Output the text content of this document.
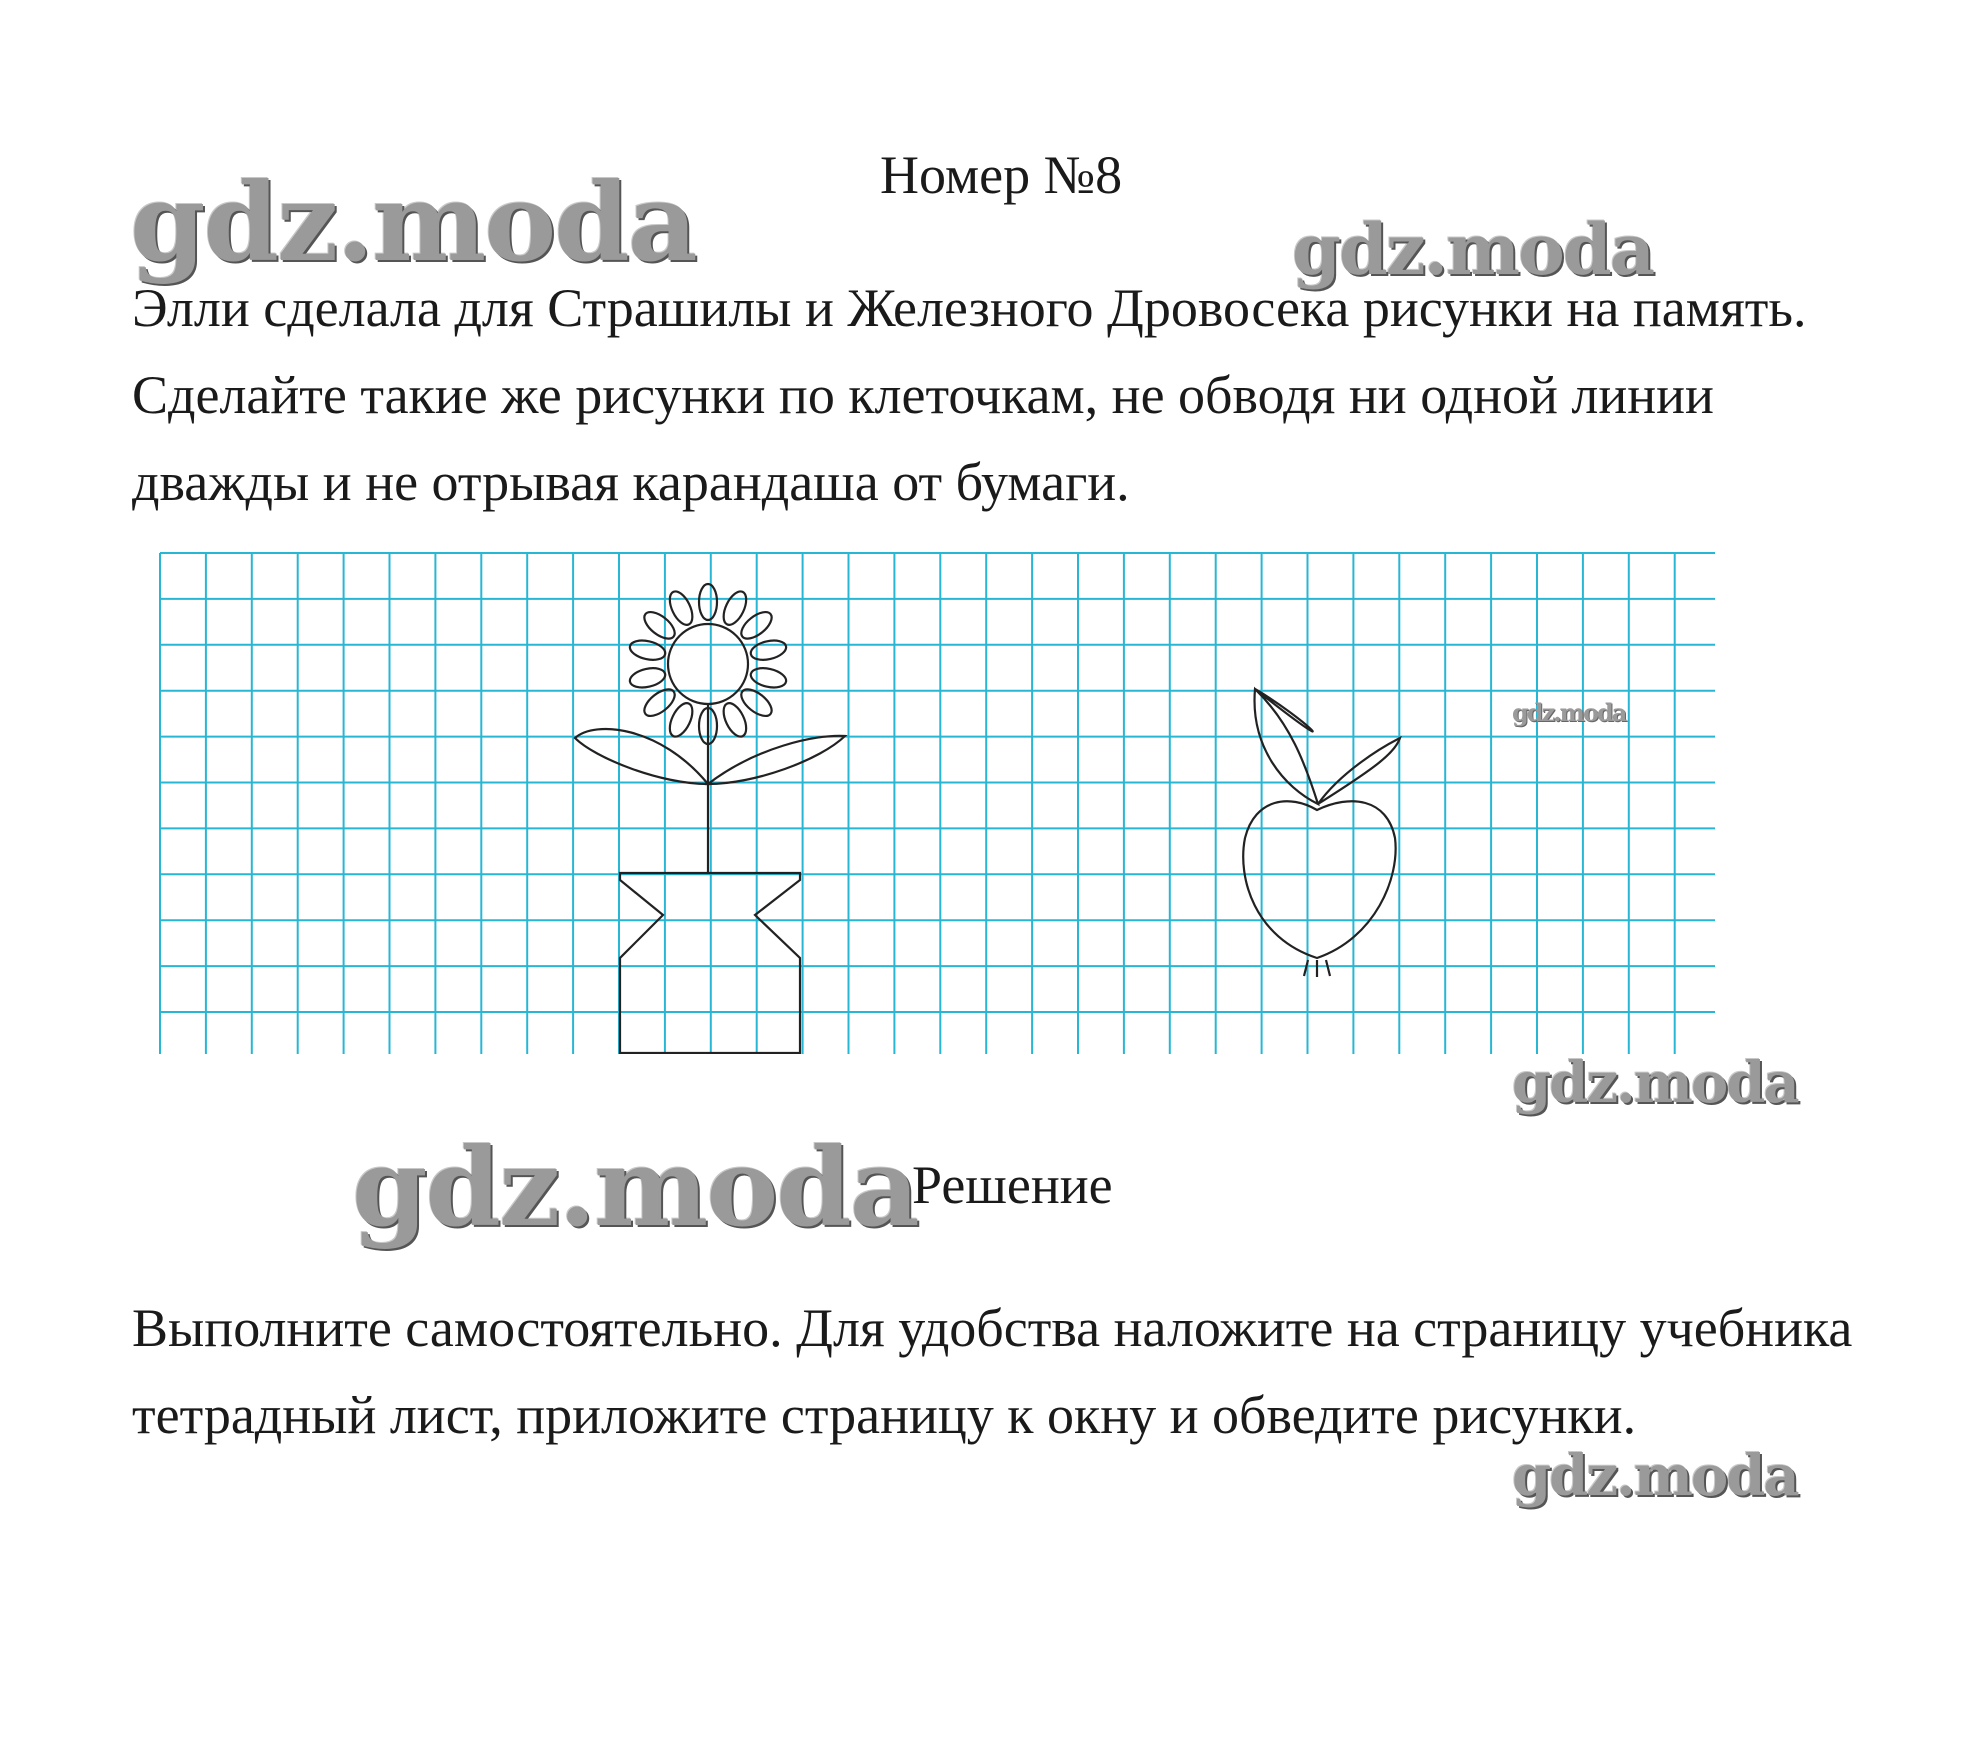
Номер №8
gdz.moda	gdz.moda

Элли сделала для Страшилы и Железного Дровосека рисунки на память. Сделайте такие же рисунки по клеточкам, не обводя ни одной линии дважды и не отрывая карандаша от бумаги.

gdz.moda
gdz.moda
gdz.moda
Решение

Выполните самостоятельно. Для удобства наложите на страницу учебника тетрадный лист, приложите страницу к окну и обведите рисунки.

gdz.moda
